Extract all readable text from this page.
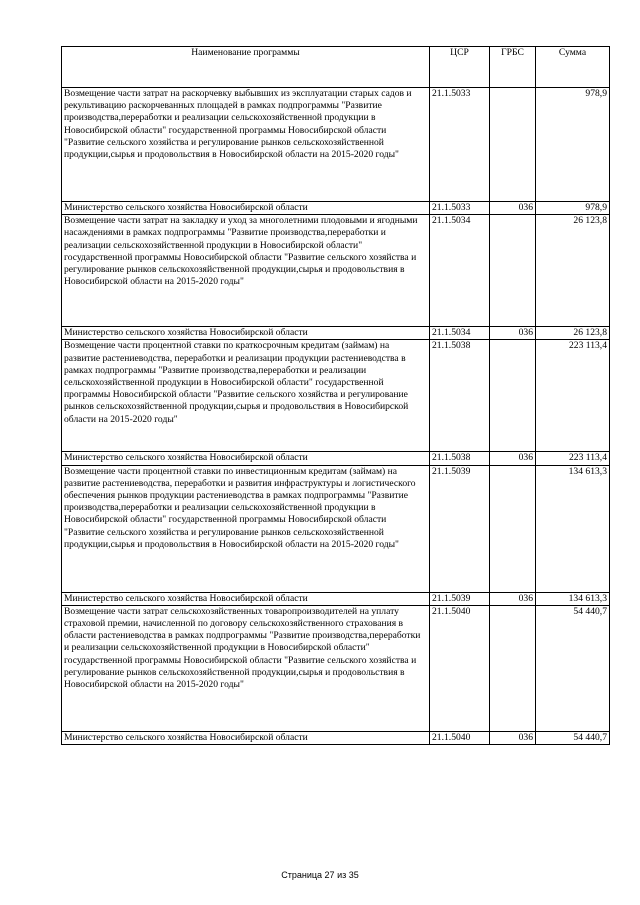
Наименование программы	ЦСР	ГРБС	Сумма
Возмещение части затрат на раскорчевку выбывших из эксплуатации старых садов и рекультивацию раскорчеванных площадей в рамках подпрограммы "Развитие производства,переработки и реализации сельскохозяйственной продукции в Новосибирской области" государственной программы Новосибирской области "Развитие сельского хозяйства и регулирование рынков сельскохозяйственной продукции,сырья и продовольствия в Новосибирской области на 2015-2020 годы"	21.1.5033		978,9
Министерство сельского хозяйства Новосибирской области	21.1.5033	036	978,9
Возмещение части затрат на закладку и уход за многолетними плодовыми и ягодными насаждениями в рамках подпрограммы "Развитие производства,переработки и реализации сельскохозяйственной продукции в Новосибирской области" государственной программы Новосибирской области "Развитие сельского хозяйства и регулирование рынков сельскохозяйственной продукции,сырья и продовольствия в Новосибирской области на 2015-2020 годы"	21.1.5034		26 123,8
Министерство сельского хозяйства Новосибирской области	21.1.5034	036	26 123,8
Возмещение части процентной ставки по краткосрочным кредитам (займам) на развитие растениеводства, переработки и реализации продукции растениеводства в рамках подпрограммы "Развитие производства,переработки и реализации сельскохозяйственной продукции в Новосибирской области" государственной программы Новосибирской области "Развитие сельского хозяйства и регулирование рынков сельскохозяйственной продукции,сырья и продовольствия в Новосибирской области на 2015-2020 годы"	21.1.5038		223 113,4
Министерство сельского хозяйства Новосибирской области	21.1.5038	036	223 113,4
Возмещение части процентной ставки по инвестиционным кредитам (займам) на развитие растениеводства, переработки и развития инфраструктуры и логистического обеспечения рынков продукции растениеводства в рамках подпрограммы "Развитие производства,переработки и реализации сельскохозяйственной продукции в Новосибирской области" государственной программы Новосибирской области "Развитие сельского хозяйства и регулирование рынков сельскохозяйственной продукции,сырья и продовольствия в Новосибирской области на 2015-2020 годы"	21.1.5039		134 613,3
Министерство сельского хозяйства Новосибирской области	21.1.5039	036	134 613,3
Возмещение части затрат сельскохозяйственных товаропроизводителей на уплату страховой премии, начисленной по договору сельскохозяйственного страхования в области растениеводства в рамках подпрограммы "Развитие производства,переработки и реализации сельскохозяйственной продукции в Новосибирской области" государственной программы Новосибирской области "Развитие сельского хозяйства и регулирование рынков сельскохозяйственной продукции,сырья и продовольствия в Новосибирской области на 2015-2020 годы"	21.1.5040		54 440,7
Министерство сельского хозяйства Новосибирской области	21.1.5040	036	54 440,7
Страница 27 из 35
